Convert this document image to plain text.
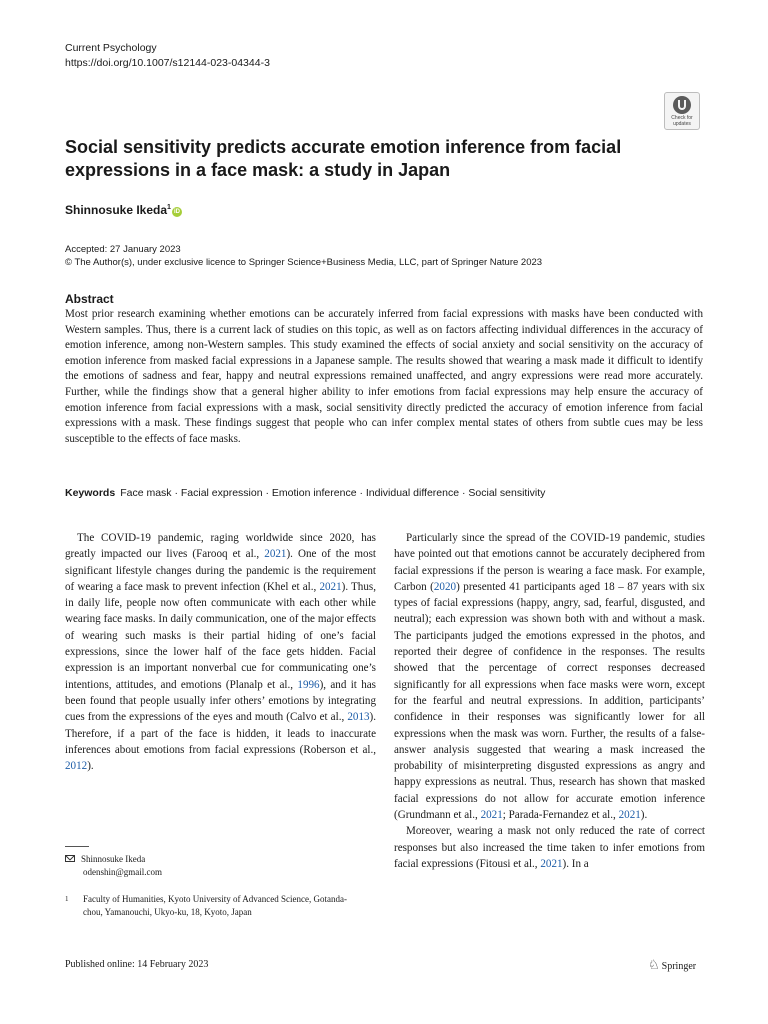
Current Psychology
https://doi.org/10.1007/s12144-023-04344-3
Check for
updates
Social sensitivity predicts accurate emotion inference from facial expressions in a face mask: a study in Japan
Shinnosuke Ikeda$^1$iD
Accepted: 27 January 2023
© The Author(s), under exclusive licence to Springer Science+Business Media, LLC, part of Springer Nature 2023
Abstract
Most prior research examining whether emotions can be accurately inferred from facial expressions with masks have been conducted with Western samples. Thus, there is a current lack of studies on this topic, as well as on factors affecting individual differences in the accuracy of emotion inference, among non-Western samples. This study examined the effects of social anxiety and social sensitivity on the accuracy of emotion inference from masked facial expressions in a Japanese sample. The results showed that wearing a mask made it difficult to identify the emotions of sadness and fear, happy and neutral expressions remained unaffected, and angry expressions were read more accurately. Further, while the findings show that a general higher ability to infer emotions from facial expressions may help ensure the accuracy of emotion inference from facial expressions with a mask, social sensitivity directly predicted the accuracy of emotion inference from facial expressions with a mask. These findings suggest that people who can infer complex mental states of others from subtle cues may be less susceptible to the effects of face masks.
Keywords Face mask · Facial expression · Emotion inference · Individual difference · Social sensitivity

The COVID-19 pandemic, raging worldwide since 2020, has greatly impacted our lives (Farooq et al., 2021). One of the most significant lifestyle changes during the pandemic is the requirement of wearing a face mask to prevent infection (Khel et al., 2021). Thus, in daily life, people now often communicate with each other while wearing face masks. In daily communication, one of the major effects of wearing such masks is their partial hiding of one’s facial expressions, since the lower half of the face gets hidden. Facial expression is an important nonverbal cue for communicating one’s intentions, attitudes, and emotions (Planalp et al., 1996), and it has been found that people usually infer others’ emotions by integrating cues from the expressions of the eyes and mouth (Calvo et al., 2013). Therefore, if a part of the face is hidden, it leads to inaccurate inferences about emotions from facial expressions (Roberson et al., 2012).

Particularly since the spread of the COVID-19 pandemic, studies have pointed out that emotions cannot be accurately deciphered from facial expressions if the person is wearing a face mask. For example, Carbon (2020) presented 41 participants aged 18 – 87 years with six types of facial expressions (happy, angry, sad, fearful, disgusted, and neutral); each expression was shown both with and without a mask. The participants judged the emotions expressed in the photos, and reported their degree of confidence in the responses. The results showed that the percentage of correct responses decreased significantly for all expressions when face masks were worn, except for the fearful and neutral expressions. In addition, participants’ confidence in their responses was significantly lower for all expressions when the mask was worn. Further, the results of a false-answer analysis suggested that wearing a mask increased the probability of misinterpreting disgusted expressions as angry and happy expressions as neutral. Thus, research has shown that masked facial expressions do not allow for accurate emotion inference (Grundmann et al., 2021; Parada-Fernandez et al., 2021).

Moreover, wearing a mask not only reduced the rate of correct responses but also increased the time taken to infer emotions from facial expressions (Fitousi et al., 2021). In a

Shinnosuke Ikeda
odenshin@gmail.com
1 Faculty of Humanities, Kyoto University of Advanced Science, Gotanda-chou, Yamanouchi, Ukyo-ku, 18, Kyoto, Japan
Published online: 14 February 2023	♘ Springer
